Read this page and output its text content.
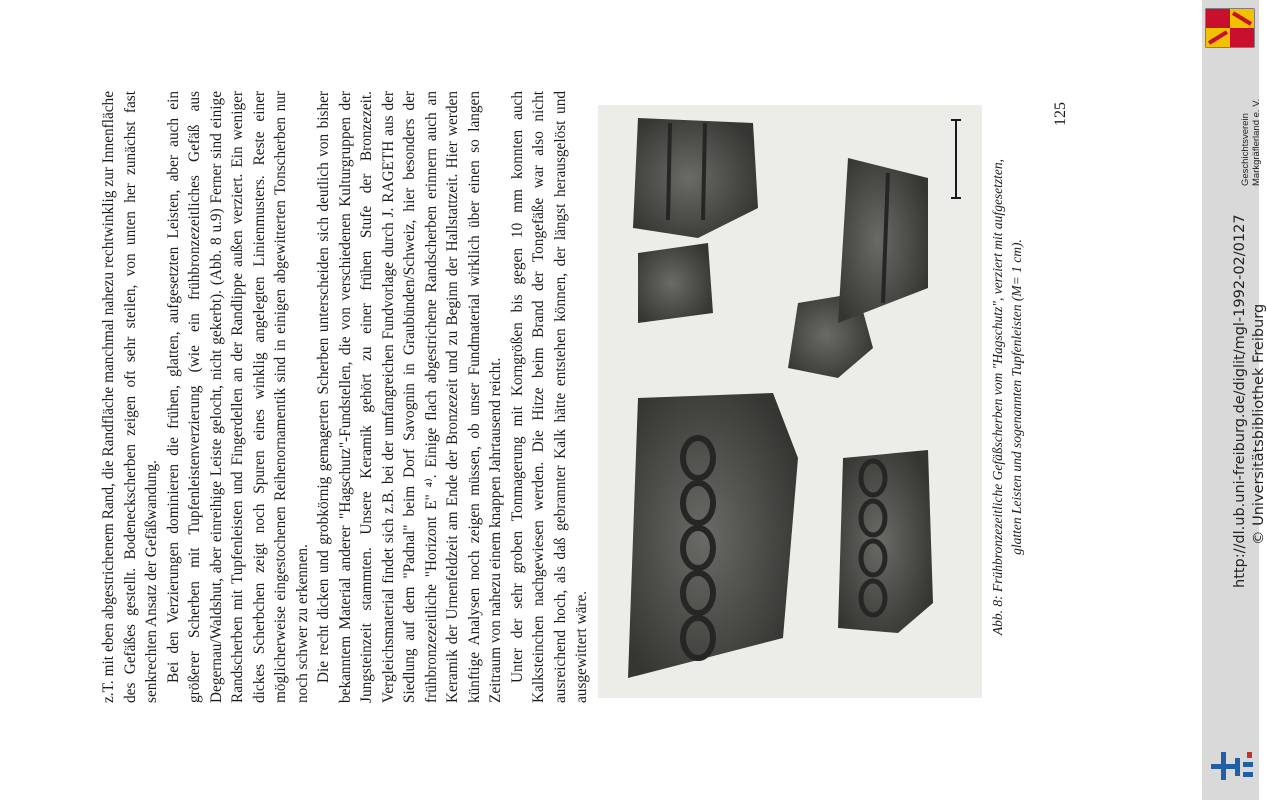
z.T. mit eben abgestrichenem Rand, die Randfläche manchmal nahezu rechtwinklig zur Innenfläche des Gefäßes gestellt. Bodeneckscherben zeigen oft sehr steilen, von unten her zunächst fast senkrechten Ansatz der Gefäßwandung. Bei den Verzierungen dominieren die frühen, glatten, aufgesetzten Leisten, aber auch ein größerer Scherben mit Tupfenleistenverzierung (wie ein frühbronzezeitliches Gefäß aus Degernau/Waldshut, aber einreihige Leiste gelocht, nicht gekerbt). (Abb. 8 u.9) Ferner sind einige Randscherben mit Tupfenleisten und Fingerdellen an der Randlippe außen verziert. Ein weniger dickes Scherbchen zeigt noch Spuren eines winklig angelegten Linienmusters. Reste einer möglicherweise eingestochenen Reihenornamentik sind in einigen abgewitterten Tonscherben nur noch schwer zu erkennen. Die recht dicken und grobkörnig gemagerten Scherben unterscheiden sich deutlich von bisher bekanntem Material anderer "Hagschutz"-Fundstellen, die von verschiedenen Kulturgruppen der Jungsteinzeit stammten. Unsere Keramik gehört zu einer frühen Stufe der Bronzezeit. Vergleichsmaterial findet sich z.B. bei der umfangreichen Fundvorlage durch J. RAGETH aus der Siedlung auf dem "Padnal" beim Dorf Savognin in Graubünden/Schweiz, hier besonders der frühbronzezeitliche "Horizont E" ⁴⁾. Einige flach abgestrichene Randscherben erinnern auch an Keramik der Urnenfeldzeit am Ende der Bronzezeit und zu Beginn der Hallstattzeit. Hier werden künftige Analysen noch zeigen müssen, ob unser Fundmaterial wirklich über einen so langen Zeitraum von nahezu einem knappen Jahrtausend reicht. Unter der sehr groben Tonmagerung mit Korngrößen bis gegen 10 mm konnten auch Kalksteinchen nachgewiesen werden. Die Hitze beim Brand der Tongefäße war also nicht ausreichend hoch, als daß gebrannter Kalk hätte entstehen können, der längst herausgelöst und ausgewittert wäre.

Abb. 8: Frühbronzezeitliche Gefäßscherben vom "Hagschutz", verziert mit aufgesetzten, glatten Leisten und sogenannten Tupfenleisten (M= 1 cm).
125	Geschichtsverein Markgräflerland e. V.
http://dl.ub.uni-freiburg.de/diglit/mgl-1992-02/0127 © Universitätsbibliothek Freiburg
